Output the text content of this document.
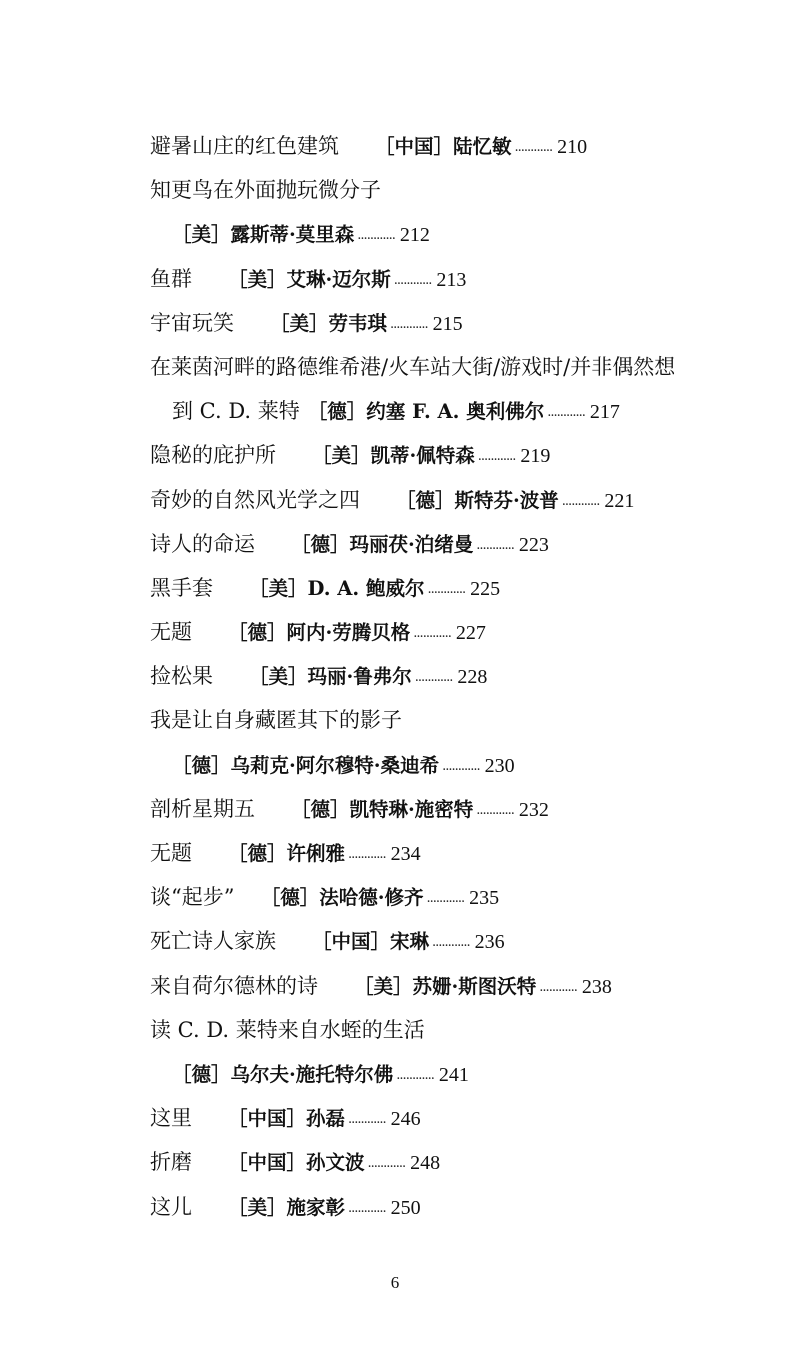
避暑山庄的红色建筑 ［中国］陆忆敏 ............ 210
知更鸟在外面抛玩微分子
［美］露斯蒂·莫里森 ............ 212
鱼群 ［美］艾琳·迈尔斯 ............ 213
宇宙玩笑 ［美］劳韦琪 ............ 215
在莱茵河畔的路德维希港/火车站大街/游戏时/并非偶然想
到 C. D. 莱特 ［德］约塞 F. A. 奥利佛尔 ............ 217
隐秘的庇护所 ［美］凯蒂·佩特森 ............ 219
奇妙的自然风光学之四 ［德］斯特芬·波普 ............ 221
诗人的命运 ［德］玛丽茯·泊绪曼 ............ 223
黑手套 ［美］D. A. 鲍威尔 ............ 225
无题 ［德］阿内·劳腾贝格 ............ 227
捡松果 ［美］玛丽·鲁弗尔 ............ 228
我是让自身藏匿其下的影子
［德］乌莉克·阿尔穆特·桑迪希 ............ 230
剖析星期五 ［德］凯特琳·施密特 ............ 232
无题 ［德］许俐雅 ............ 234
谈“起步” ［德］法哈德·修齐 ............ 235
死亡诗人家族 ［中国］宋琳 ............ 236
来自荷尔德林的诗 ［美］苏姗·斯图沃特 ............ 238
读 C. D. 莱特来自水蛭的生活
［德］乌尔夫·施托特尔佛 ............ 241
这里 ［中国］孙磊 ............ 246
折磨 ［中国］孙文波 ............ 248
这儿 ［美］施家彰 ............ 250
6
